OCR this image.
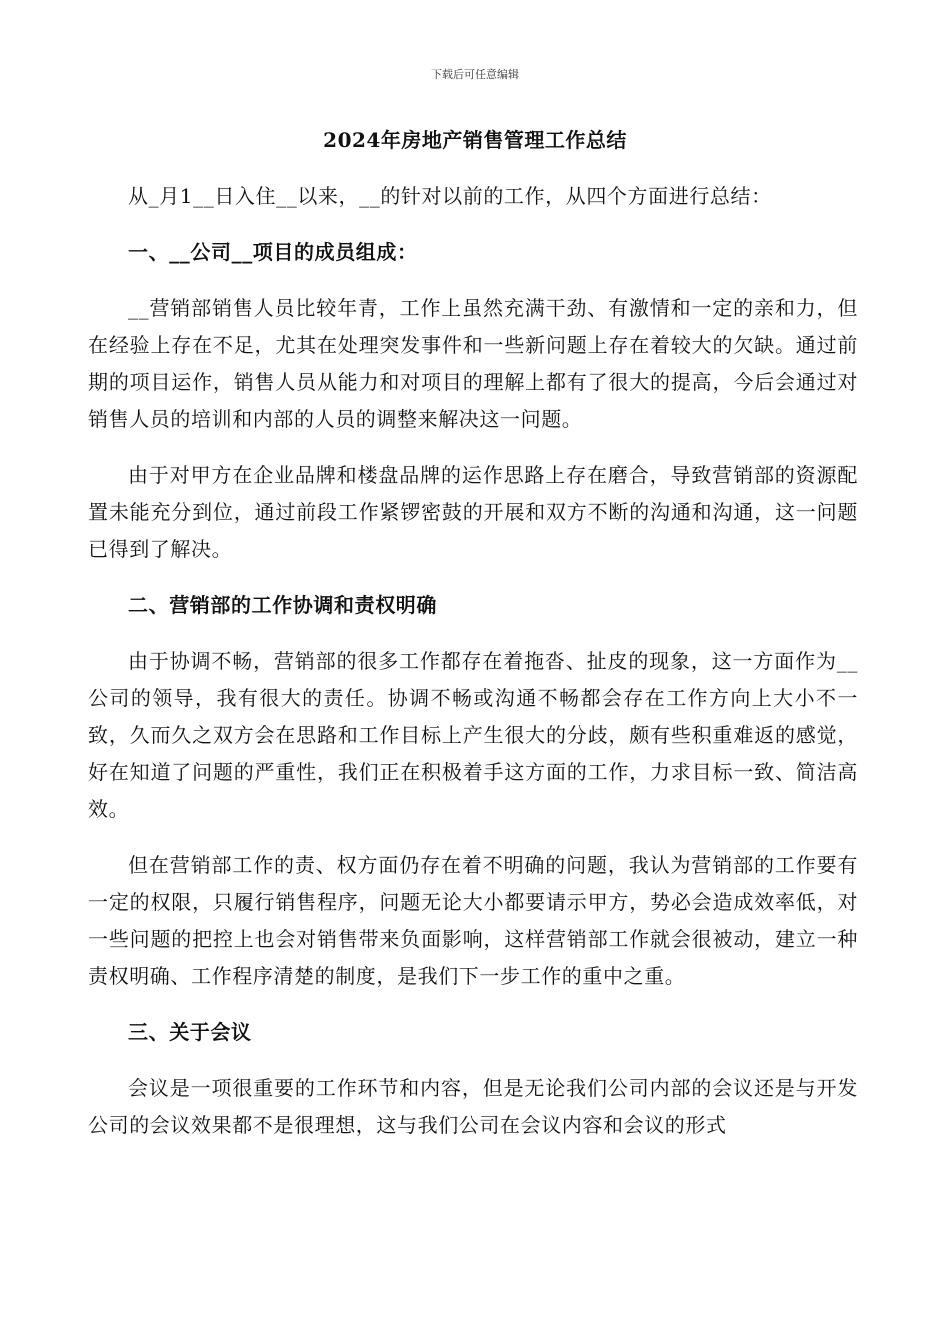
下载后可任意编辑
2024年房地产销售管理工作总结

从_月1__日入住__以来，__的针对以前的工作，从四个方面进行总结：

一、__公司__项目的成员组成：

__营销部销售人员比较年青，工作上虽然充满干劲、有激情和一定的亲和力，但在经验上存在不足，尤其在处理突发事件和一些新问题上存在着较大的欠缺。通过前期的项目运作，销售人员从能力和对项目的理解上都有了很大的提高，今后会通过对销售人员的培训和内部的人员的调整来解决这一问题。

由于对甲方在企业品牌和楼盘品牌的运作思路上存在磨合，导致营销部的资源配置未能充分到位，通过前段工作紧锣密鼓的开展和双方不断的沟通和沟通，这一问题已得到了解决。

二、营销部的工作协调和责权明确

由于协调不畅，营销部的很多工作都存在着拖沓、扯皮的现象，这一方面作为__公司的领导，我有很大的责任。协调不畅或沟通不畅都会存在工作方向上大小不一致，久而久之双方会在思路和工作目标上产生很大的分歧，颇有些积重难返的感觉，好在知道了问题的严重性，我们正在积极着手这方面的工作，力求目标一致、简洁高效。

但在营销部工作的责、权方面仍存在着不明确的问题，我认为营销部的工作要有一定的权限，只履行销售程序，问题无论大小都要请示甲方，势必会造成效率低，对一些问题的把控上也会对销售带来负面影响，这样营销部工作就会很被动，建立一种责权明确、工作程序清楚的制度，是我们下一步工作的重中之重。

三、关于会议

会议是一项很重要的工作环节和内容，但是无论我们公司内部的会议还是与开发公司的会议效果都不是很理想，这与我们公司在会议内容和会议的形式
